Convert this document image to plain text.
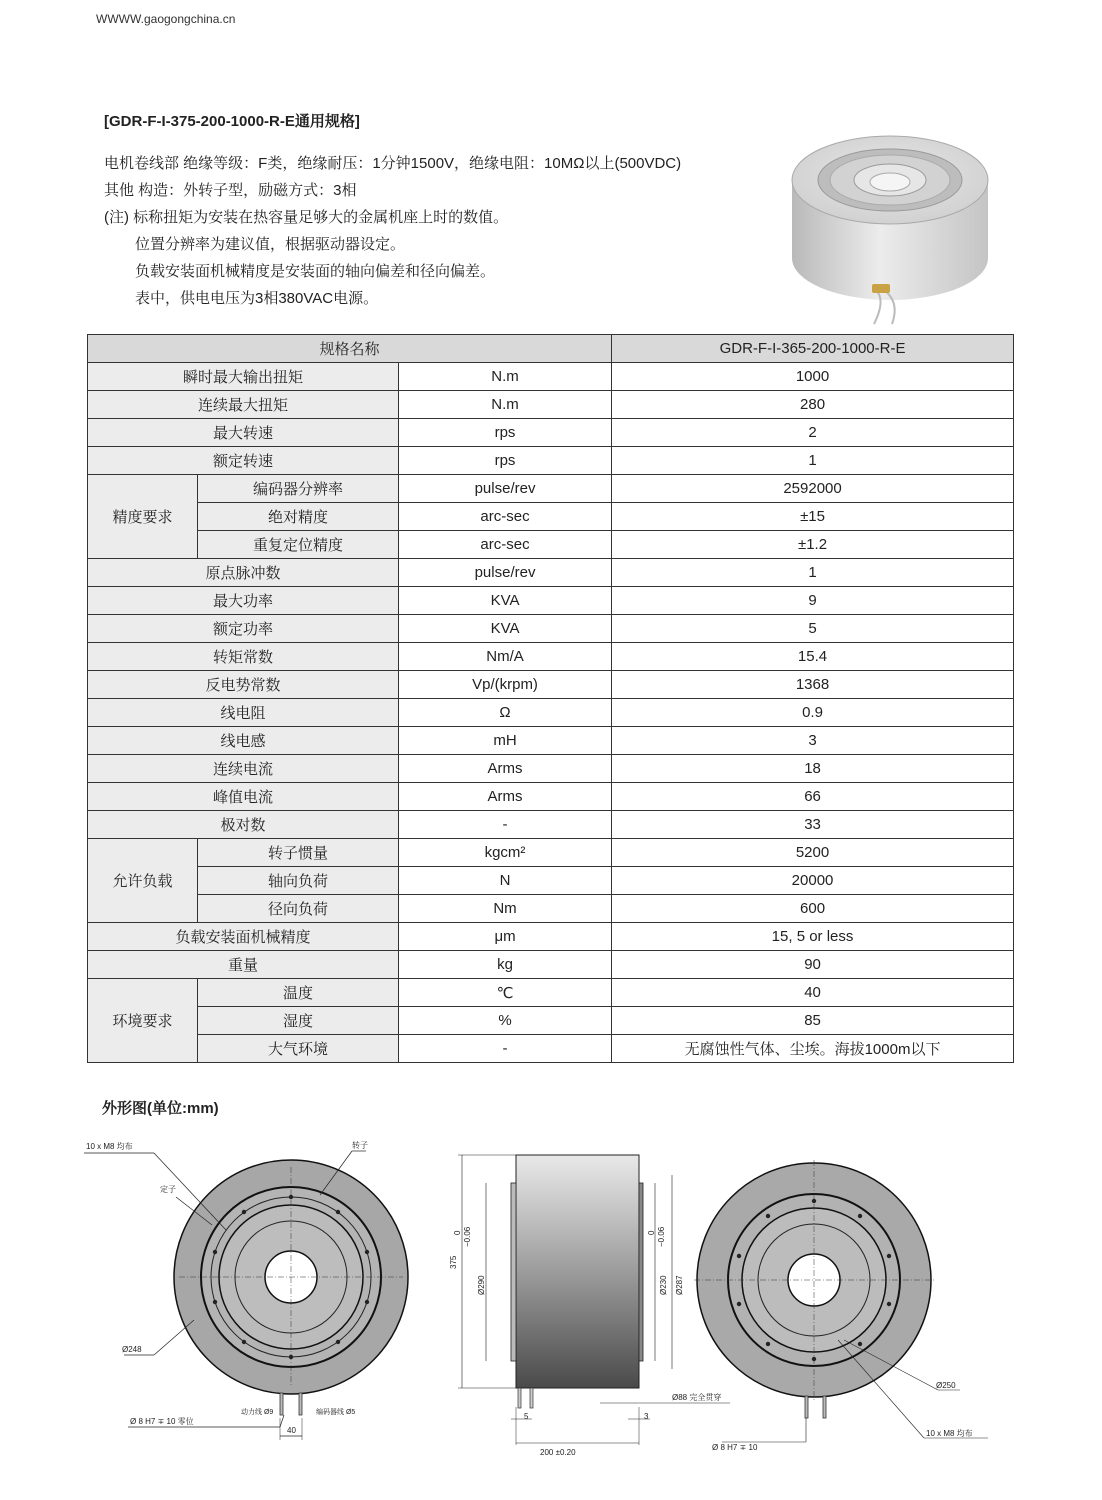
WWWW.gaogongchina.cn
[GDR-F-I-375-200-1000-R-E通用规格]
电机卷线部 绝缘等级：F类，绝缘耐压：1分钟1500V，绝缘电阻：10MΩ以上(500VDC)
其他 构造：外转子型，励磁方式：3相
(注) 标称扭矩为安装在热容量足够大的金属机座上时的数值。
位置分辨率为建议值，根据驱动器设定。
负载安装面机械精度是安装面的轴向偏差和径向偏差。
表中，供电电压为3相380VAC电源。
规格名称			GDR-F-I-365-200-1000-R-E
瞬时最大输出扭矩		N.m	1000
连续最大扭矩		N.m	280
最大转速		rps	2
额定转速		rps	1
精度要求	编码器分辨率	pulse/rev	2592000
	绝对精度	arc-sec	±15
	重复定位精度	arc-sec	±1.2
原点脉冲数		pulse/rev	1
最大功率		KVA	9
额定功率		KVA	5
转矩常数		Nm/A	15.4
反电势常数		Vp/(krpm)	1368
线电阻		Ω	0.9
线电感		mH	3
连续电流		Arms	18
峰值电流		Arms	66
极对数		-	33
允许负载	转子惯量	kgcm²	5200
	轴向负荷	N	20000
	径向负荷	Nm	600
负载安装面机械精度		μm	15, 5 or less
重量		kg	90
环境要求	温度	℃	40
	湿度	%	85
	大气环境	-	无腐蚀性气体、尘埃。海拔1000m以下
外形图(单位:mm)
10 x M8 均布	转子
定子
Ø248
Ø 8 H7 ∓ 10 零位
动力线 Ø9	编码器线 Ø5
40
375
0 −0.06
Ø290
0 −0.06
Ø230 Ø287
Ø88 完全贯穿
5	3
200 ±0.20
Ø250
Ø 8 H7 ∓ 10
10 x M8 均布
